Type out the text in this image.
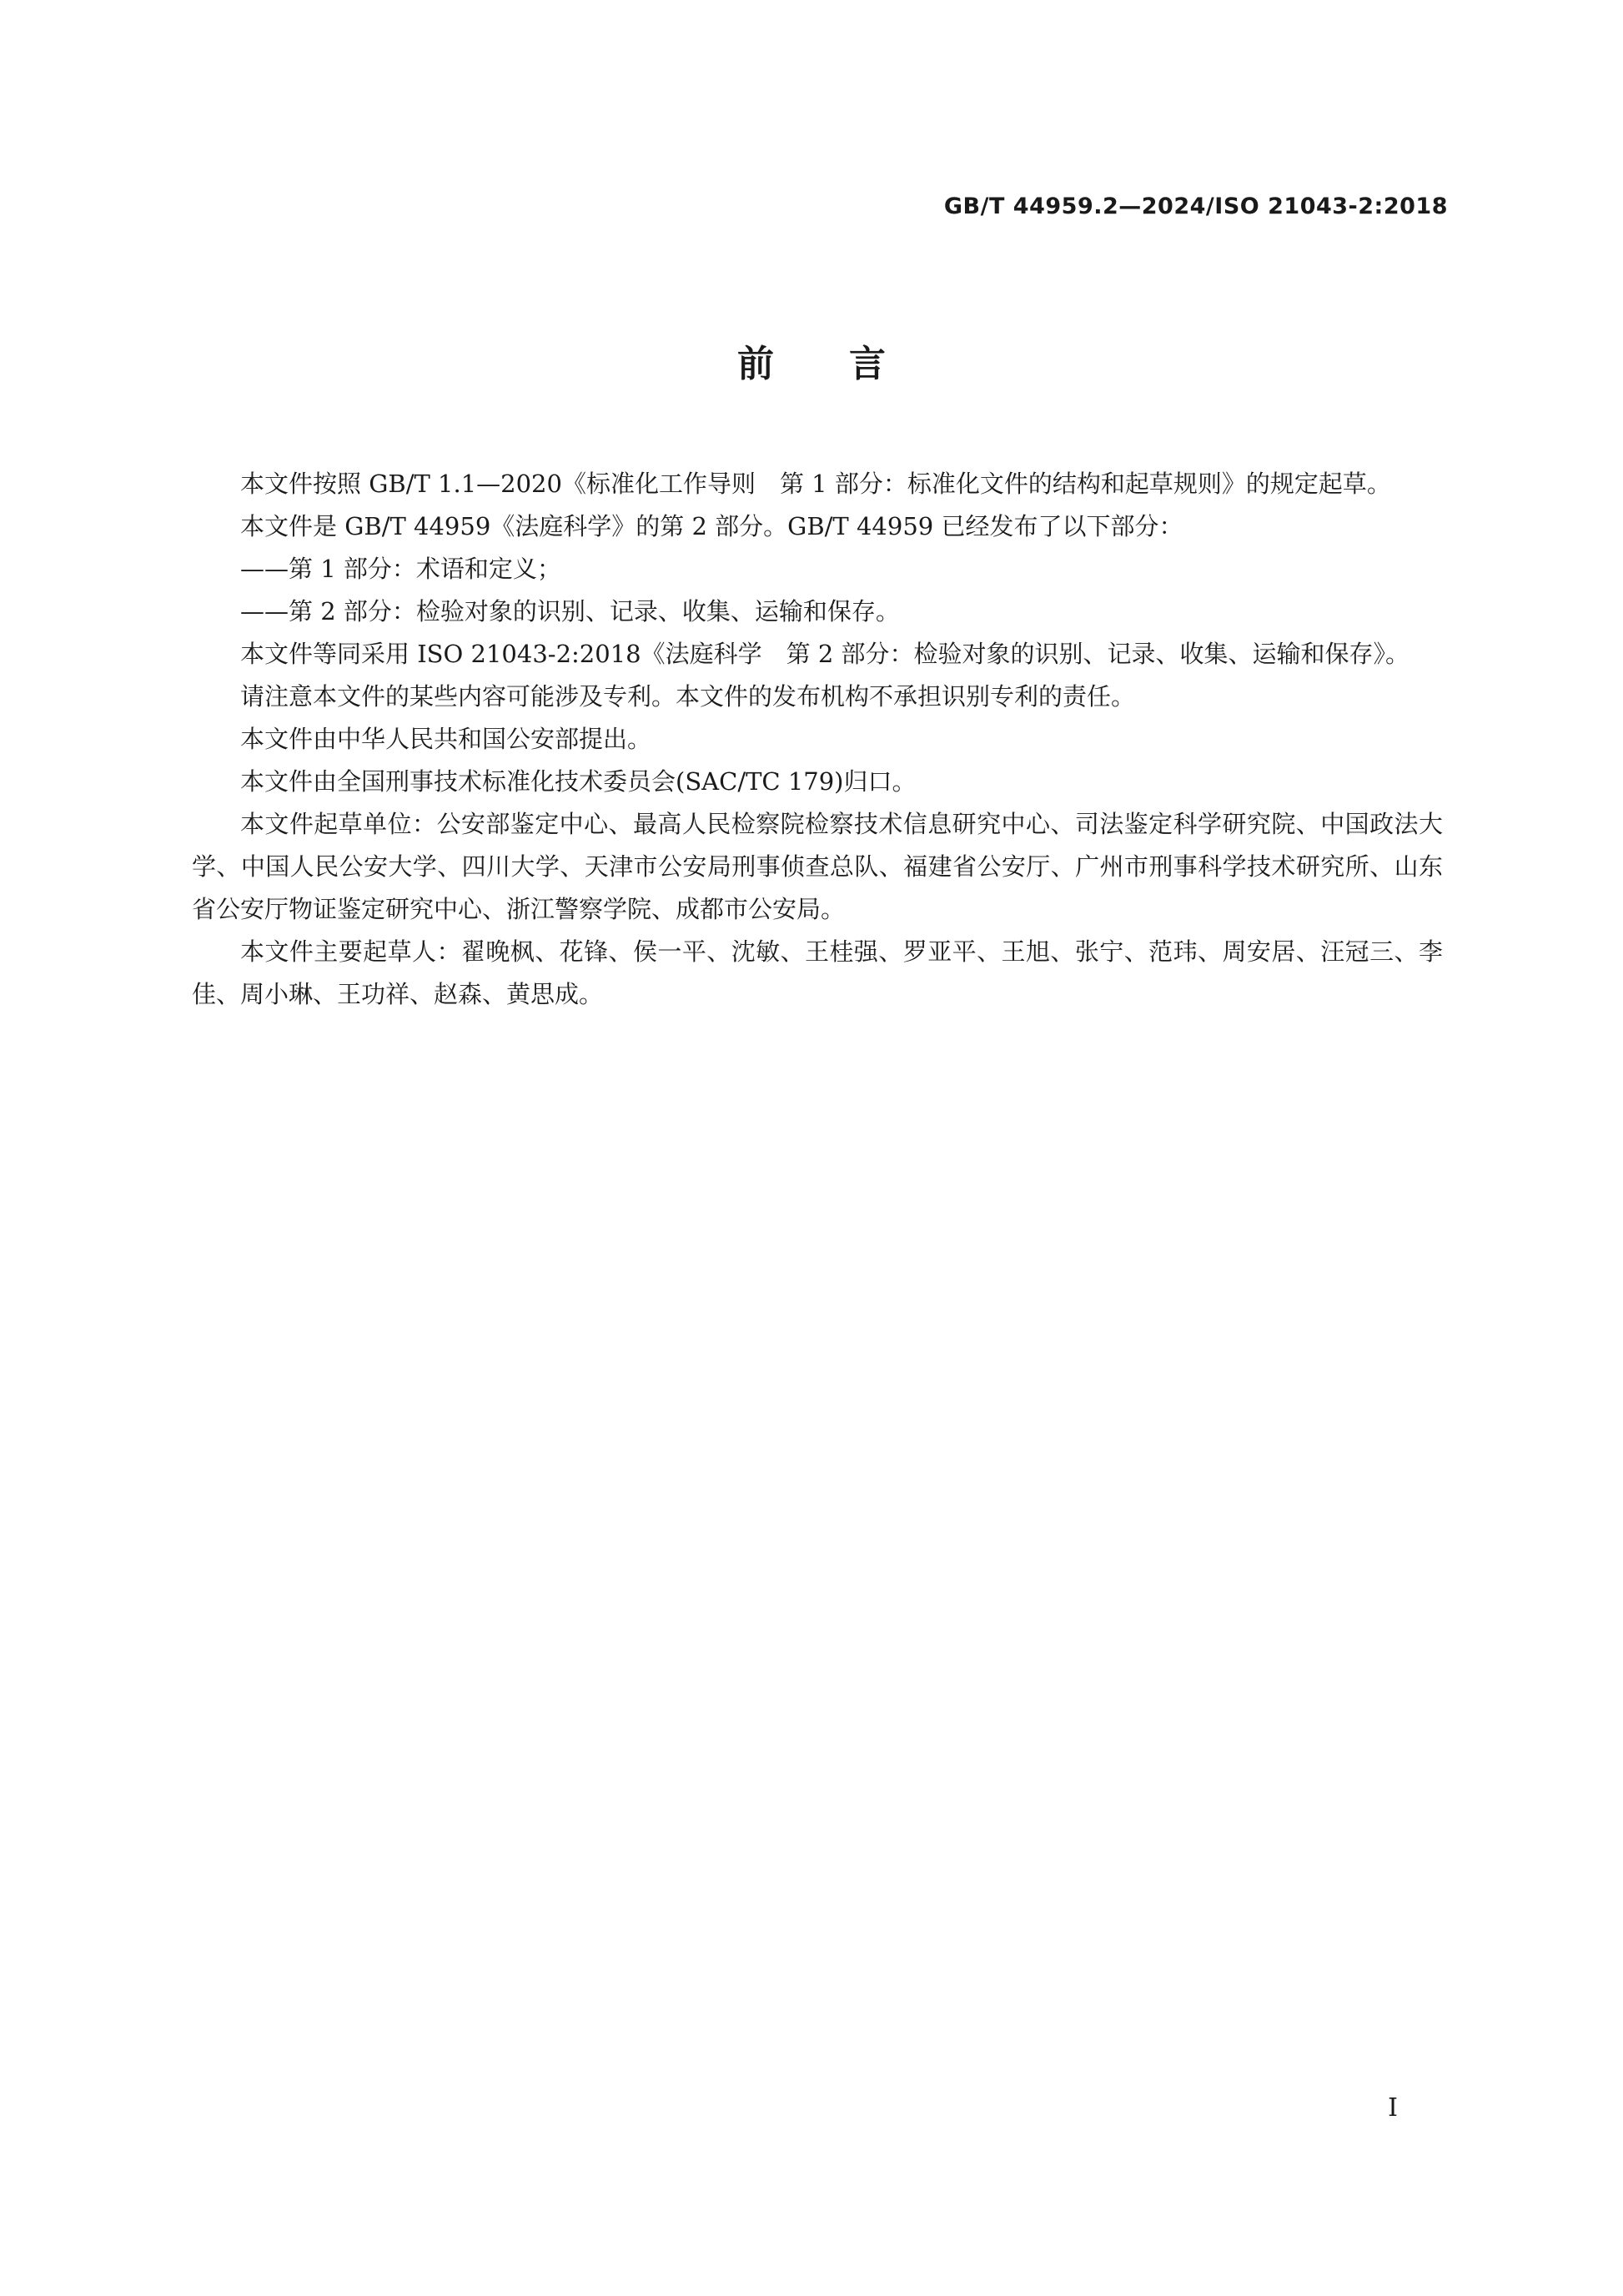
GB/T 44959.2—2024/ISO 21043-2:2018
前言

本文件按照 GB/T 1.1—2020《标准化工作导则　第 1 部分：标准化文件的结构和起草规则》的规定起草。

本文件是 GB/T 44959《法庭科学》的第 2 部分。GB/T 44959 已经发布了以下部分：

——第 1 部分：术语和定义；

——第 2 部分：检验对象的识别、记录、收集、运输和保存。

本文件等同采用 ISO 21043-2:2018《法庭科学　第 2 部分：检验对象的识别、记录、收集、运输和保存》。

请注意本文件的某些内容可能涉及专利。本文件的发布机构不承担识别专利的责任。

本文件由中华人民共和国公安部提出。

本文件由全国刑事技术标准化技术委员会(SAC/TC 179)归口。

本文件起草单位：公安部鉴定中心、最高人民检察院检察技术信息研究中心、司法鉴定科学研究院、中国政法大学、中国人民公安大学、四川大学、天津市公安局刑事侦查总队、福建省公安厅、广州市刑事科学技术研究所、山东省公安厅物证鉴定研究中心、浙江警察学院、成都市公安局。

本文件主要起草人：翟晚枫、花锋、侯一平、沈敏、王桂强、罗亚平、王旭、张宁、范玮、周安居、汪冠三、李佳、周小琳、王功祥、赵森、黄思成。

I
